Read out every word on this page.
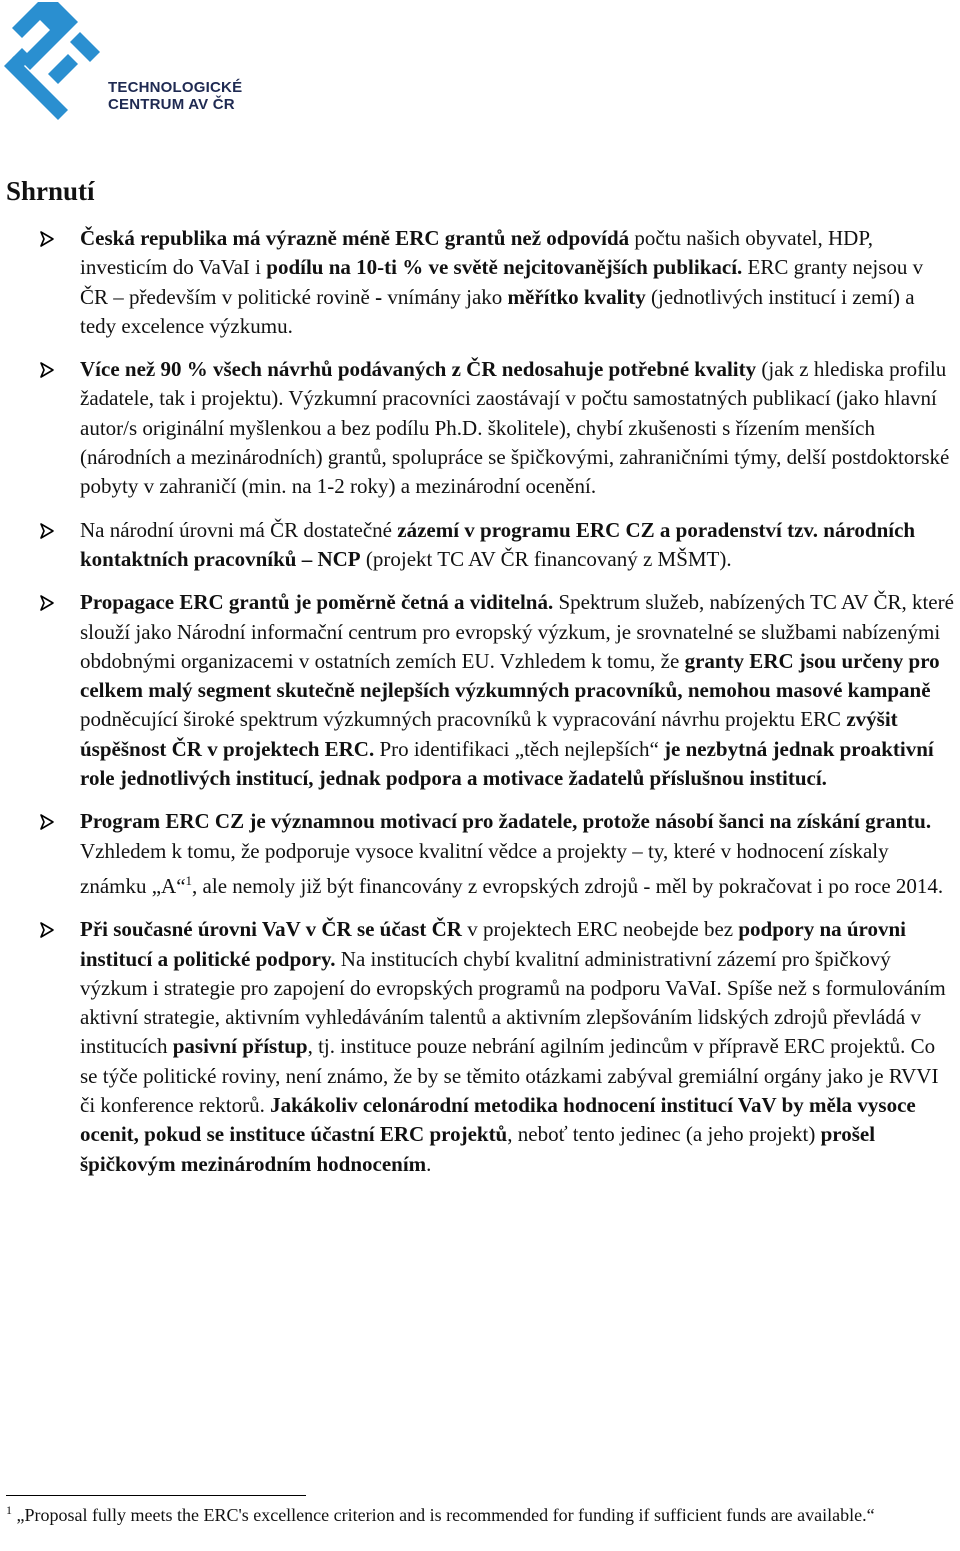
TECHNOLOGICKÉ
CENTRUM AV ČR
Shrnutí
Česká republika má výrazně méně ERC grantů než odpovídá počtu našich obyvatel, HDP, investicím do VaVaI i podílu na 10-ti % ve světě nejcitovanějších publikací. ERC granty nejsou v ČR – především v politické rovině - vnímány jako měřítko kvality (jednotlivých institucí i zemí) a tedy excelence výzkumu.
Více než 90 % všech návrhů podávaných z ČR nedosahuje potřebné kvality (jak z hlediska profilu žadatele, tak i projektu). Výzkumní pracovníci zaostávají v počtu samostatných publikací (jako hlavní autor/s originální myšlenkou a bez podílu Ph.D. školitele), chybí zkušenosti s řízením menších (národních a mezinárodních) grantů, spolupráce se špičkovými, zahraničními týmy, delší postdoktorské pobyty v zahraničí (min. na 1-2 roky) a mezinárodní ocenění.
Na národní úrovni má ČR dostatečné zázemí v programu ERC CZ a poradenství tzv. národních kontaktních pracovníků – NCP (projekt TC AV ČR financovaný z MŠMT).
Propagace ERC grantů je poměrně četná a viditelná. Spektrum služeb, nabízených TC AV ČR, které slouží jako Národní informační centrum pro evropský výzkum, je srovnatelné se službami nabízenými obdobnými organizacemi v ostatních zemích EU. Vzhledem k tomu, že granty ERC jsou určeny pro celkem malý segment skutečně nejlepších výzkumných pracovníků, nemohou masové kampaně podněcující široké spektrum výzkumných pracovníků k vypracování návrhu projektu ERC zvýšit úspěšnost ČR v projektech ERC. Pro identifikaci „těch nejlepších“ je nezbytná jednak proaktivní role jednotlivých institucí, jednak podpora a motivace žadatelů příslušnou institucí.
Program ERC CZ je významnou motivací pro žadatele, protože násobí šanci na získání grantu. Vzhledem k tomu, že podporuje vysoce kvalitní vědce a projekty – ty, které v hodnocení získaly známku „A“$^1$, ale nemoly již být financovány z evropských zdrojů - měl by pokračovat i po roce 2014.
Při současné úrovni VaV v ČR se účast ČR v projektech ERC neobejde bez podpory na úrovni institucí a politické podpory. Na institucích chybí kvalitní administrativní zázemí pro špičkový výzkum i strategie pro zapojení do evropských programů na podporu VaVaI. Spíše než s formulováním aktivní strategie, aktivním vyhledáváním talentů a aktivním zlepšováním lidských zdrojů převládá v institucích pasivní přístup, tj. instituce pouze nebrání agilním jedincům v přípravě ERC projektů. Co se týče politické roviny, není známo, že by se těmito otázkami zabýval gremiální orgány jako je RVVI či konference rektorů. Jakákoliv celonárodní metodika hodnocení institucí VaV by měla vysoce ocenit, pokud se instituce účastní ERC projektů, neboť tento jedinec (a jeho projekt) prošel špičkovým mezinárodním hodnocením.
$^1$ „Proposal fully meets the ERC's excellence criterion and is recommended for funding if sufficient funds are available.“
